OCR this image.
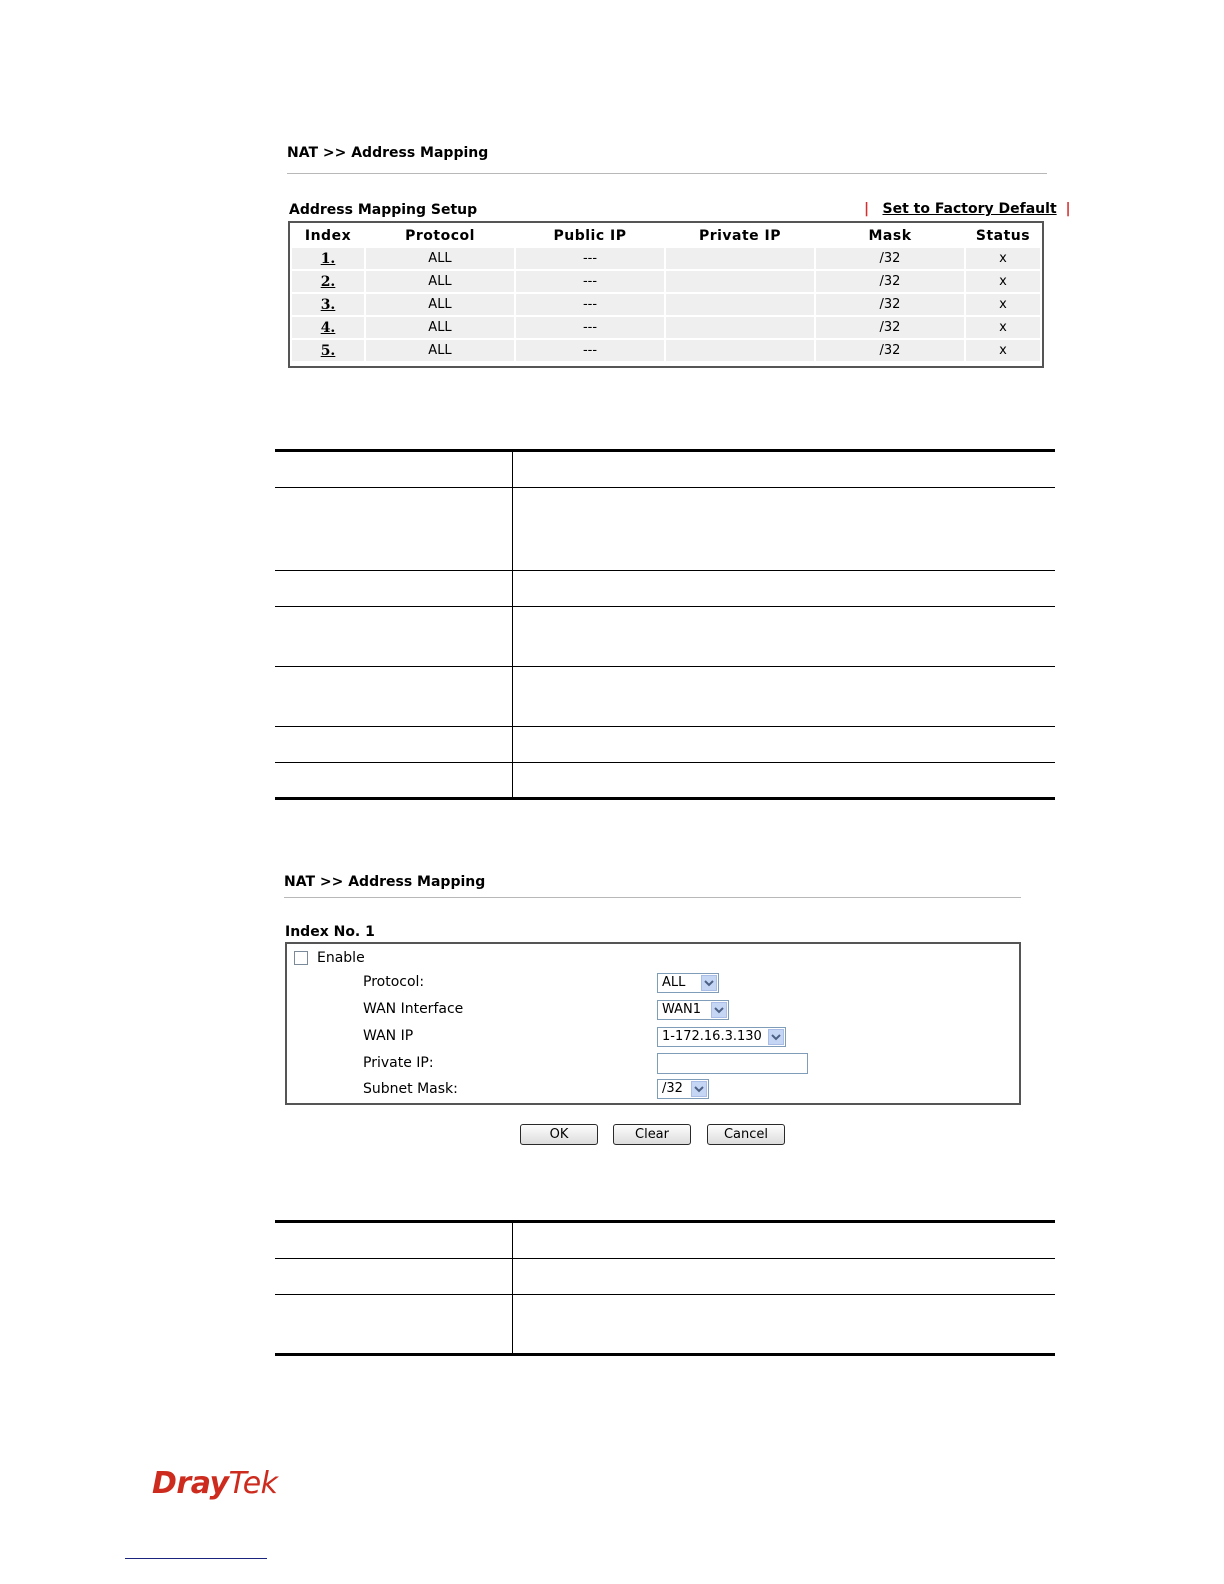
NAT >> Address Mapping
Address Mapping Setup	| Set to Factory Default |
Index	Protocol	Public IP	Private IP	Mask	Status
1.	ALL	---		/32	x
2.	ALL	---		/32	x
3.	ALL	---		/32	x
4.	ALL	---		/32	x
5.	ALL	---		/32	x

NAT >> Address Mapping
Index No. 1
Enable
Protocol:	ALL
WAN Interface	WAN1
WAN IP	1-172.16.3.130
Private IP:
Subnet Mask:	/32
OK	Clear	Cancel

DrayTek
